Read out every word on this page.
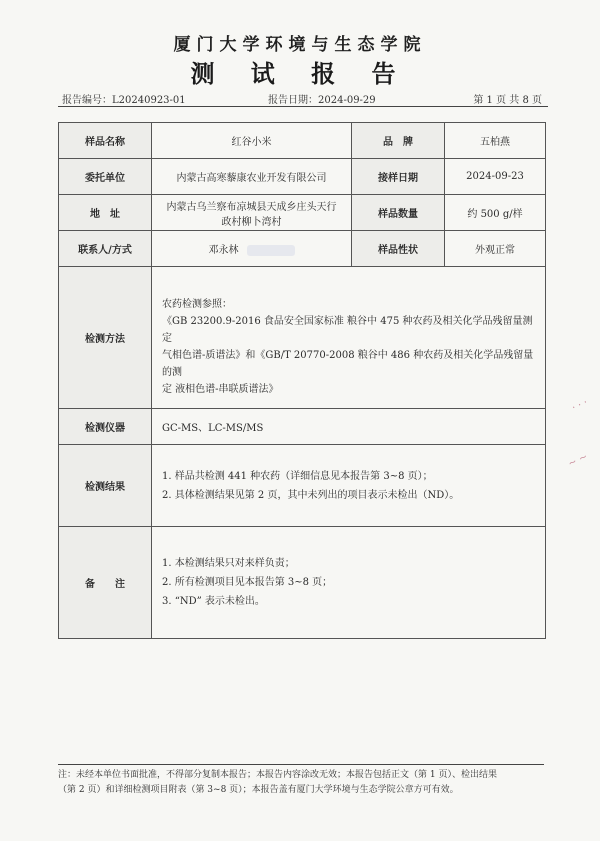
厦门大学环境与生态学院
测 试 报 告
报告编号：L20240923-01	报告日期：2024-09-29	第 1 页 共 8 页
样品名称	红谷小米	品　牌	五柏燕
委托单位	内蒙古高寒藜康农业开发有限公司	接样日期	2024-09-23
地　址	内蒙古乌兰察布凉城县天成乡庄头天行
政村柳卜湾村	样品数量	约 500 g/样
联系人/方式	邓永林	样品性状	外观正常
检测方法	农药检测参照：
《GB 23200.9-2016 食品安全国家标准 粮谷中 475 种农药及相关化学品残留量测定
气相色谱-质谱法》和《GB/T 20770-2008 粮谷中 486 种农药及相关化学品残留量的测
定 液相色谱-串联质谱法》		

检测仪器	GC-MS、LC-MS/MS		
检测结果	1. 样品共检测 441 种农药（详细信息见本报告第 3~8 页）；
2. 具体检测结果见第 2 页，其中未列出的项目表示未检出（ND）。		

备　　注	1. 本检测结果只对来样负责；
2. 所有检测项目见本报告第 3~8 页；
3. “ND” 表示未检出。		
· · ·
~ ~
注：未经本单位书面批准，不得部分复制本报告；本报告内容涂改无效；本报告包括正文（第 1 页）、检出结果
（第 2 页）和详细检测项目附表（第 3~8 页）；本报告盖有厦门大学环境与生态学院公章方可有效。
